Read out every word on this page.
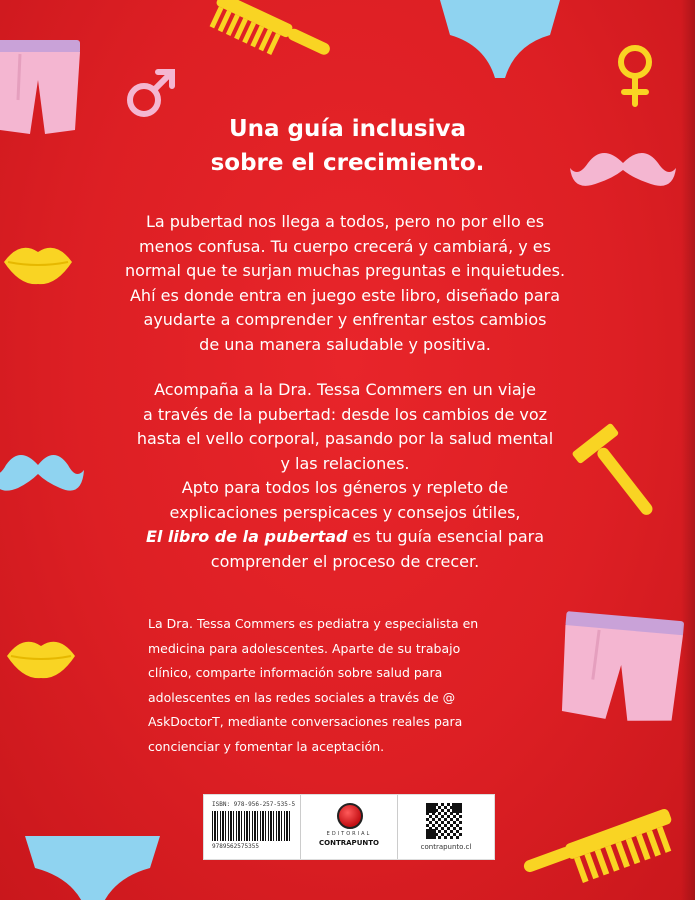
Una guía inclusiva
sobre el crecimiento.
La pubertad nos llega a todos, pero no por ello es
menos confusa. Tu cuerpo crecerá y cambiará, y es
normal que te surjan muchas preguntas e inquietudes.
Ahí es donde entra en juego este libro, diseñado para
ayudarte a comprender y enfrentar estos cambios
de una manera saludable y positiva.
Acompaña a la Dra. Tessa Commers en un viaje
a través de la pubertad: desde los cambios de voz
hasta el vello corporal, pasando por la salud mental
y las relaciones.
Apto para todos los géneros y repleto de
explicaciones perspicaces y consejos útiles,
El libro de la pubertad es tu guía esencial para
comprender el proceso de crecer.
La Dra. Tessa Commers es pediatra y especialista en
medicina para adolescentes. Aparte de su trabajo
clínico, comparte información sobre salud para
adolescentes en las redes sociales a través de @
AskDoctorT, mediante conversaciones reales para
concienciar y fomentar la aceptación.
ISBN: 978-956-257-535-5
9789562575355
EDITORIAL
CONTRAPUNTO	contrapunto.cl
